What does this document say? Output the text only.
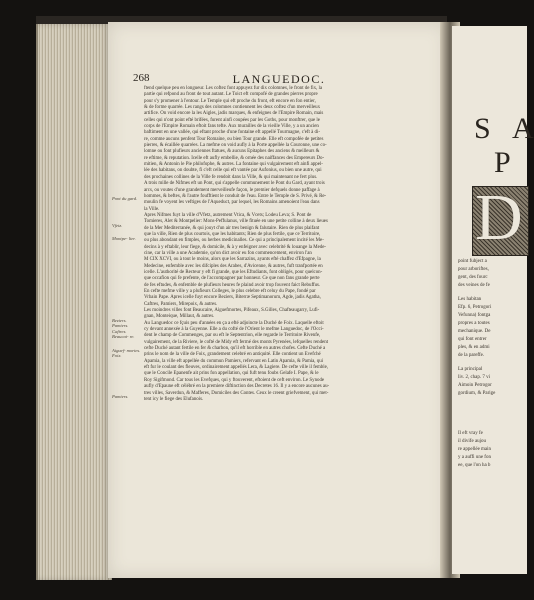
268	LANGUEDOC.
Pont du gard.
Vfetz.
Montpe- lier.
Beziers. Pamiers. Caftres. Beaucai- re.
Aiguef- mortes. Foix.
Pamiers.
ftend quelque peu en longueur. Les coftez font appuyez fur dix colomnes, le front de fix, la
partie qui refpond au front de tout autant. Le Toict eft compofé de grandes pierres propre
pour s'y promener à l'entour. Le Temple qui eft proche du front, eft encore en fon entier,
& de forme quarrée. Les rangs des colomnes contiennent les deux coftez d'un merveilleux
artifice. On void encore la les Aigles, jadis marques, & enfeignes de l'Empire Romain, mais
celles qui n'ont point efté brifées, furent ainfi coupées par les Goths, pour monftrer, que le
corps de l'Empire Romain eftoit fans tefte. Aux murailles de la vieille Ville, y a un ancien
baftiment en une vallée, qui eftant proche d'une fontaine eft appellé Tourmagne, c'eft à di-
re, comme aucuns penfent Tour Romaine, ou bien Tour grande. Elle eft compofée de petites
pierres, & écaillée quarrées. La mefme on void aufly à la Porte appellée la Couronne, une co-
lomne ou font plufieurs anciennes ftatues, & aucuns Epitaphes des anciens & meilleurs &
re eftime, & reputation. Icelle eft aufly embellie, & ornée des naiffances des Empereurs Do-
mitien, & Antonin le Pie philofophe, & autres. La fontaine qui vulgairement eft ainfi appel-
lée des habitans, on doubte, fi c'eft celle qui eft vantée par Aufonius, ou bien une autre, qui
des prochaines collines de la Ville fe rendoit dans la Ville, & qui maintenant ne fert plus.
A trois mille de Nifmes eft un Pont, qui s'appelle communement le Pont du Gard, ayant trois
arcs, ou voutes d'une grandement merveilleufe façon, le premier defquels donne paffage à
hommes, & beftes, & l'autre foufftient le conduit de l'eau. Entre le Temple de S. Privé, & Re-
moulin fe voyent les veftiges de l'Aqueduct, par lequel, les Romains amenoient l'eau dans
la Ville.
Apres Nifmes fuyt la ville d'Vfetz, autrement Vtica, & Vcets; Lodeu Leva; S. Pont de
Tomieres, Alet & Montpelier: Mons-Peffulanus, ville fituée en une petite colline à deux lieues
de la Mer Mediterranée, & qui jouyt d'un air tres benign & falutaire. Rien de plus plaifant
que la ville, Rien de plus courtois, que les habitants; Rien de plus fertile, que ce Territoire,
ou plus abondant en fimples, ou herbes medicinalles. Ce qui a principalement incité les Me-
decins à y eftablir, leur fiege, & domicile, & à y enfeigner avec celebrité & louange la Mede-
cine, car la ville a une Academie, qu'on dict avoir eu fon commencement, environ l'an
M CIX XCVI, ou à tout le moins, alors que les Sarrazins, ayants efté chaffez d'Efpagne, la
Medecine, enfemble avec les difciples des Arabes, d'Avicenne, & autres, fuft tranfportée en
icelle. L'authorité de Recteur y eft fi grande, que les Eftudiants, font obligés, pour quelcon-
que occafion qui fe prefente, de l'accompagner par honneur. Ce que non fans grande perte
de fes eftudes, & enfemble de plufieurs heures fe plaind avoir trop fouvent faict Rebuffus.
En cefte mefme ville y a plufieurs Colleges, le plus celebre eft celuy du Pape, fondé par
Vrbain Pape. Apres icelle fuyt encore Beziers, Biterræ Septimanorum, Agde, jadis Agatha,
Caftres, Pamiers, Mirepoix, & autres.
Les moindres villes font Beaucaire, Aiguefmortes, Pifeaux, S.Gilles, Chafteaugarry, Lufi-
gnan, Monteique, Millaut, & autres.
Au Languedoc ce fçuis peu d'années en ça a efté adjoincte la Duché de Foix. Laquelle eftoit
cy devant annexée à la Guyenne. Elle a du cofté de l'Orient le mefme Languedoc, de l'Occi-
dent le champ de Commenges, par ou eft le Septentrion, elle regarde le Territoire Rivenfe,
vulgairement, de la Riviere, le cofté de Midy eft fermé des monts Pyrenées, lefquelles rendent
cefte Duché autant fertile en fer & charbon, qu'il eft horrible en autres chofes. Cefte Duché a
prins le nom de la ville de Foix, grandement celebré en antiquité. Elle contient un Evefché
Apamia, la ville eft appellée du commun Pamiers, refervant en Latin Apamia, & Pamia, qui
eft fur le coulant des fleuves, ordinairement appellés Lera, & Lagiere. De cefte ville il femble,
que le Concile Epanenfe ait prins fon appellation, qui fuft tenu foubs Gelafe I. Pape, & le
Roy Sigifmond. Car tous les Evefques, qui y ftouverent, eftoient de ceft environ. Le Synode
aufly d'Epaune eft célébré en la premiere diftinction des Decretes 16. Il y a encore aucunes au-
tres villes, Saverdun, & Mafferes, Domiciles des Contes. Ceux le creent griefvement, qui met-
tent icy le fiege des Elufanois.
S A
P
D
point fubject a
pour arboriftes,
gent, des fourc
des veines de fe
Les habitan
Efp. 6, Petrogori
Vefunna) fontga
propres a toutes
mechanique. De
qui font entrer
ples, & en admi
de la pareffe.
La principal
liv. 2, chap. 7 vi
Aimoin Petrogor
gordium, & Parige
Il eft vray fe
il divife aujou
re appellée main
y a auffi une fon
ee, que l'on ha b
